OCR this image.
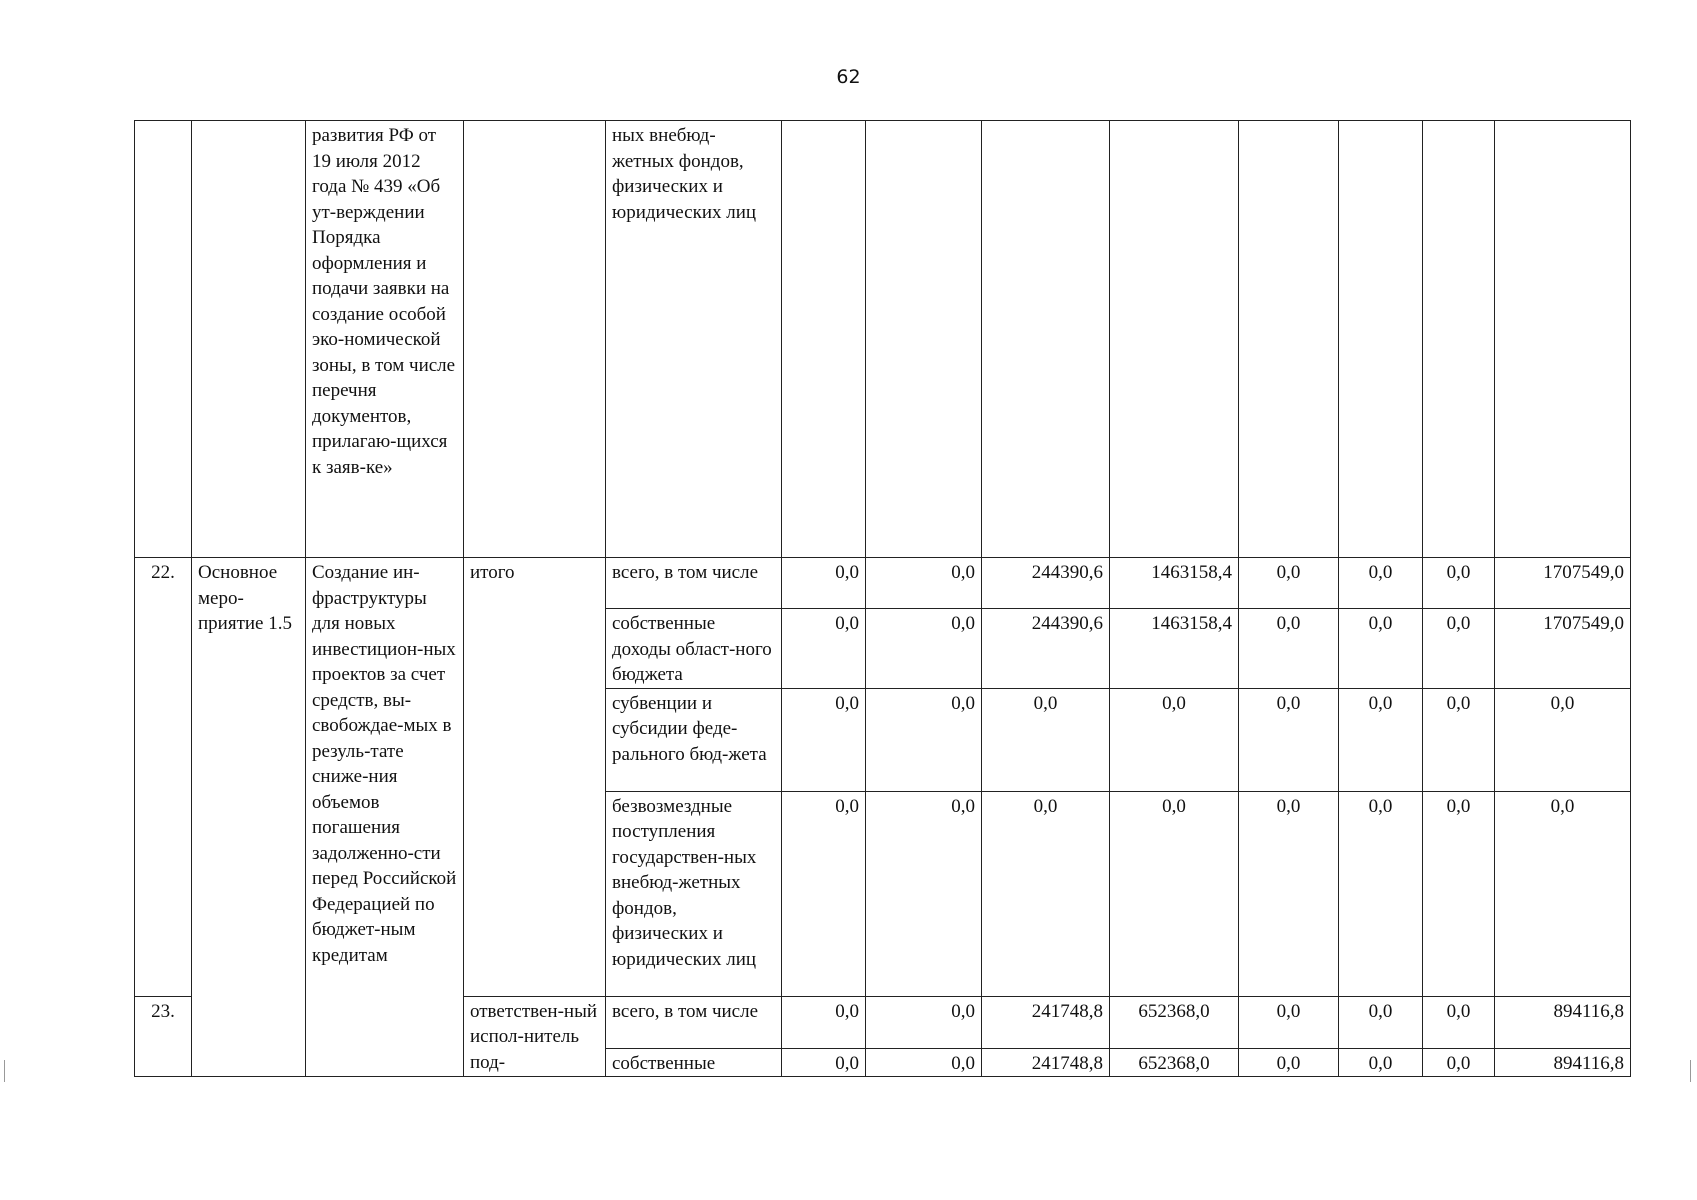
62
		развития РФ от 19 июля 2012 года № 439 «Об ут-верждении Порядка оформления и подачи заявки на создание особой эко-номической зоны, в том числе перечня документов, прилагаю-щихся к заяв-ке»		ных внебюд-жетных фондов, физических и юридических лиц								
22.	Основное меро-приятие 1.5	Создание ин-фраструктуры для новых инвестицион-ных проектов за счет средств, вы-свобождае-мых в резуль-тате сниже-ния объемов погашения задолженно-сти перед Российской Федерацией по бюджет-ным кредитам	итого	всего, в том числе	0,0	0,0	244390,6	1463158,4	0,0	0,0	0,0	1707549,0
				собственные доходы област-ного бюджета	0,0	0,0	244390,6	1463158,4	0,0	0,0	0,0	1707549,0
				субвенции и субсидии феде-рального бюд-жета	0,0	0,0	0,0	0,0	0,0	0,0	0,0	0,0
				безвозмездные поступления государствен-ных внебюд-жетных фондов, физических и юридических лиц	0,0	0,0	0,0	0,0	0,0	0,0	0,0	0,0
23.			ответствен-ный испол-нитель под-	всего, в том числе	0,0	0,0	241748,8	652368,0	0,0	0,0	0,0	894116,8
				собственные	0,0	0,0	241748,8	652368,0	0,0	0,0	0,0	894116,8
